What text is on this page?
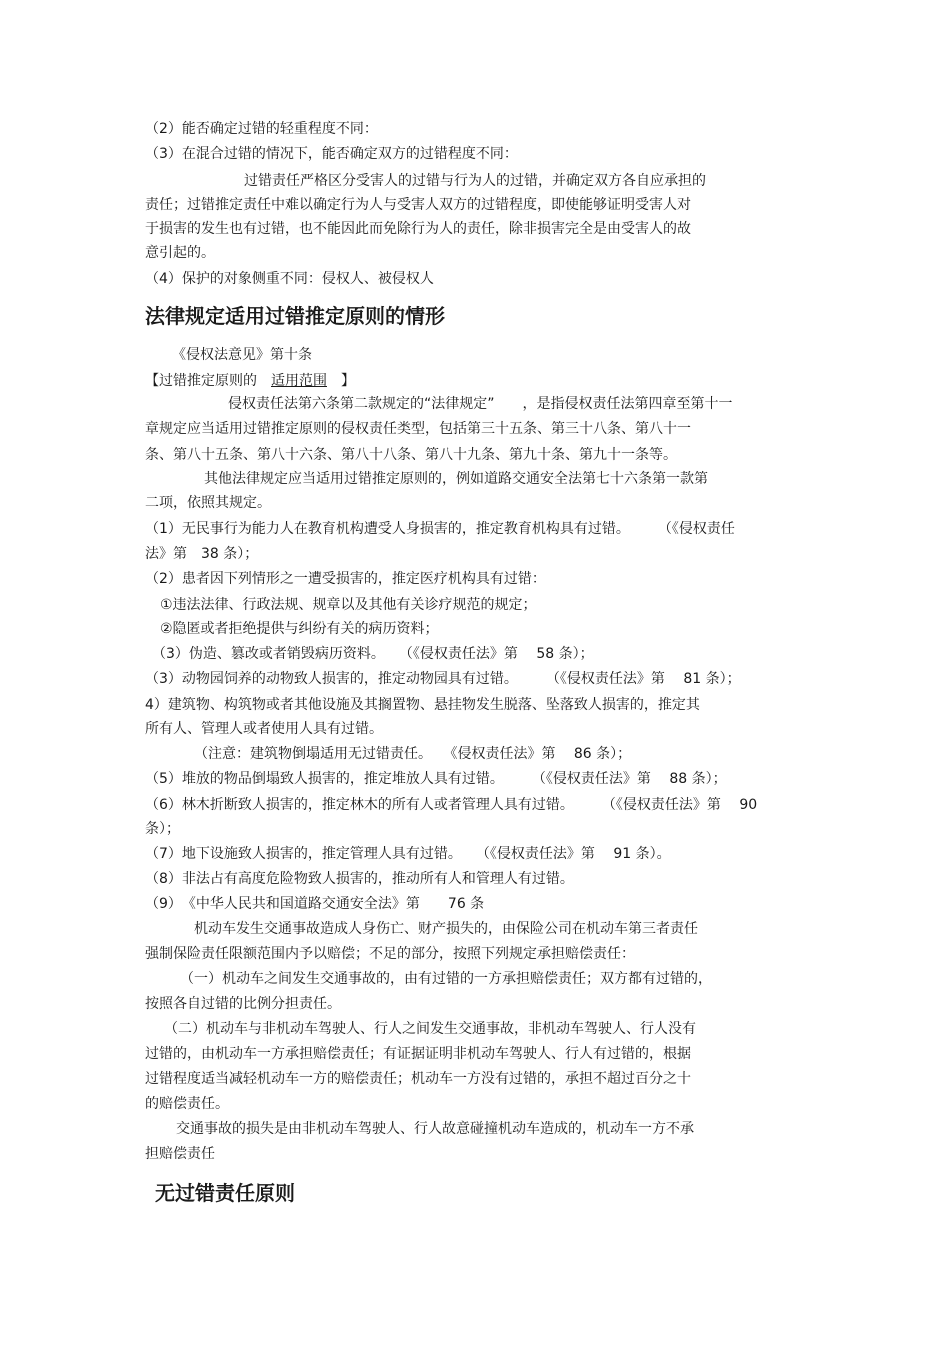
（2）能否确定过错的轻重程度不同：

（3）在混合过错的情况下，能否确定双方的过错程度不同：

过错责任严格区分受害人的过错与行为人的过错，并确定双方各自应承担的

责任；过错推定责任中难以确定行为人与受害人双方的过错程度，即使能够证明受害人对

于损害的发生也有过错，也不能因此而免除行为人的责任，除非损害完全是由受害人的故

意引起的。

（4）保护的对象侧重不同：侵权人、被侵权人

法律规定适用过错推定原则的情形

《侵权法意见》第十条

【过错推定原则的　适用范围　】

侵权责任法第六条第二款规定的“法律规定”　　，是指侵权责任法第四章至第十一

章规定应当适用过错推定原则的侵权责任类型，包括第三十五条、第三十八条、第八十一

条、第八十五条、第八十六条、第八十八条、第八十九条、第九十条、第九十一条等。

其他法律规定应当适用过错推定原则的，例如道路交通安全法第七十六条第一款第

二项，依照其规定。

（1）无民事行为能力人在教育机构遭受人身损害的，推定教育机构具有过错。　　　（《侵权责任

法》第　38 条）；

（2）患者因下列情形之一遭受损害的，推定医疗机构具有过错：

①违法法律、行政法规、规章以及其他有关诊疗规范的规定；

②隐匿或者拒绝提供与纠纷有关的病历资料；

（3）伪造、篡改或者销毁病历资料。　　（《侵权责任法》第　 58 条）；

（3）动物园饲养的动物致人损害的，推定动物园具有过错。　　　（《侵权责任法》第　 81 条）；

4）建筑物、构筑物或者其他设施及其搁置物、悬挂物发生脱落、坠落致人损害的，推定其

所有人、管理人或者使用人具有过错。

（注意：建筑物倒塌适用无过错责任。　 《侵权责任法》第　 86 条）；

（5）堆放的物品倒塌致人损害的，推定堆放人具有过错。　　　（《侵权责任法》第　 88 条）；

（6）林木折断致人损害的，推定林木的所有人或者管理人具有过错。　　　（《侵权责任法》第　 90

条）；

（7）地下设施致人损害的，推定管理人具有过错。　　（《侵权责任法》第　 91 条）。

（8）非法占有高度危险物致人损害的，推动所有人和管理人有过错。

（9）　《中华人民共和国道路交通安全法》第　　76 条

机动车发生交通事故造成人身伤亡、财产损失的，由保险公司在机动车第三者责任

强制保险责任限额范围内予以赔偿；不足的部分，按照下列规定承担赔偿责任：

（一）机动车之间发生交通事故的，由有过错的一方承担赔偿责任；双方都有过错的，

按照各自过错的比例分担责任。

（二）机动车与非机动车驾驶人、行人之间发生交通事故，非机动车驾驶人、行人没有

过错的，由机动车一方承担赔偿责任；有证据证明非机动车驾驶人、行人有过错的，根据

过错程度适当减轻机动车一方的赔偿责任；机动车一方没有过错的，承担不超过百分之十

的赔偿责任。

交通事故的损失是由非机动车驾驶人、行人故意碰撞机动车造成的，机动车一方不承

担赔偿责任

无过错责任原则
